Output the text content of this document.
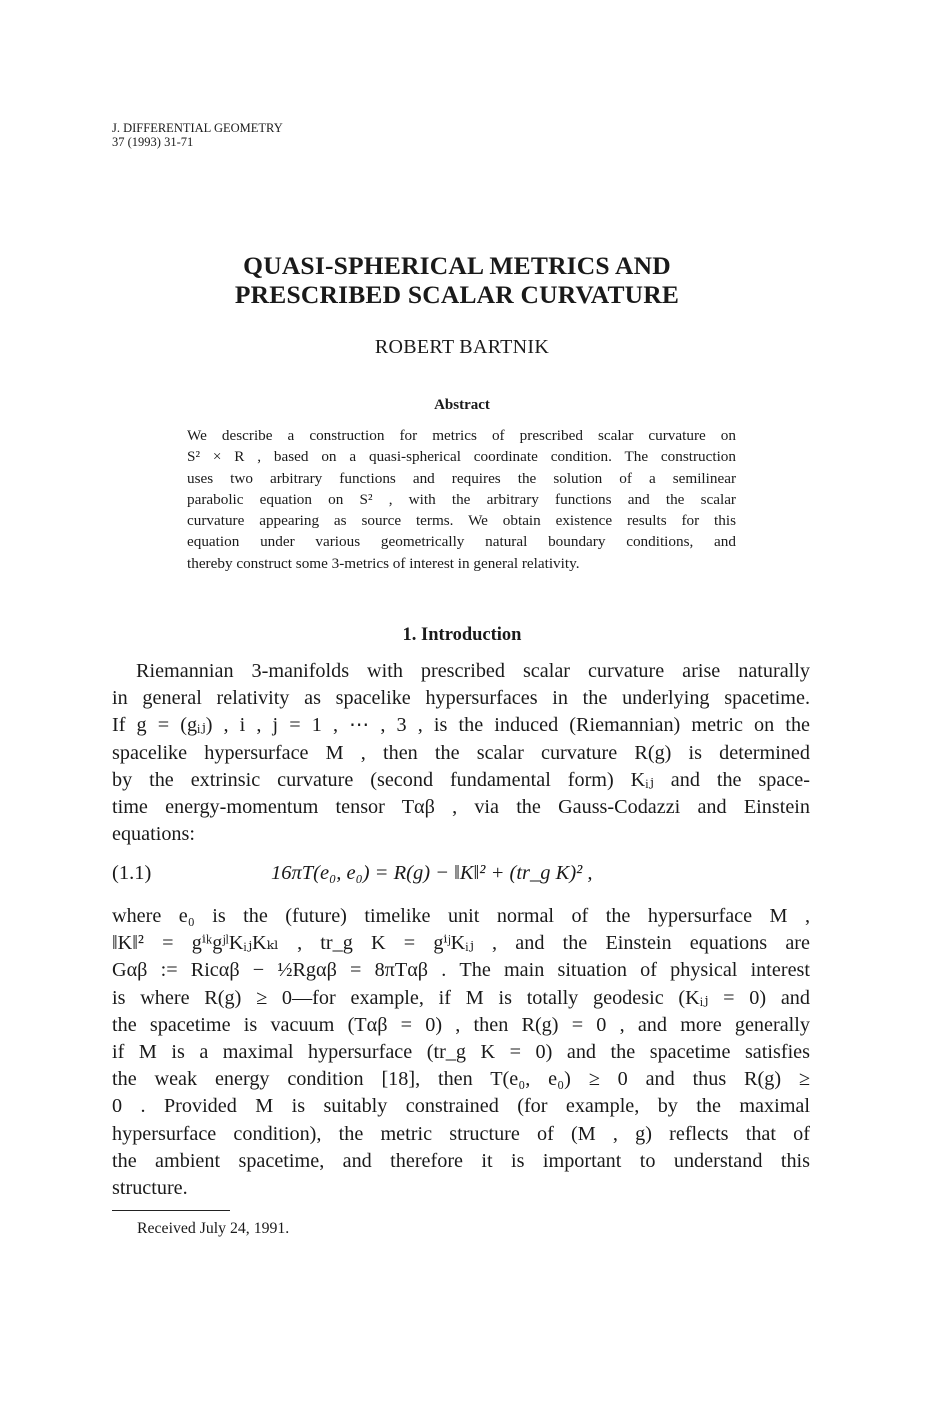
J. DIFFERENTIAL GEOMETRY
37 (1993) 31-71
QUASI-SPHERICAL METRICS AND
PRESCRIBED SCALAR CURVATURE
ROBERT BARTNIK
Abstract
We describe a construction for metrics of prescribed scalar curvature on
S² × R , based on a quasi-spherical coordinate condition. The construction
uses two arbitrary functions and requires the solution of a semilinear
parabolic equation on S² , with the arbitrary functions and the scalar
curvature appearing as source terms. We obtain existence results for this
equation under various geometrically natural boundary conditions, and
thereby construct some 3-metrics of interest in general relativity.
1. Introduction
Riemannian 3-manifolds with prescribed scalar curvature arise naturally
in general relativity as spacelike hypersurfaces in the underlying spacetime.
If g = (gᵢⱼ) , i , j = 1 , ⋯ , 3 , is the induced (Riemannian) metric on the
spacelike hypersurface M , then the scalar curvature R(g) is determined
by the extrinsic curvature (second fundamental form) Kᵢⱼ and the space-
time energy-momentum tensor Tαβ , via the Gauss-Codazzi and Einstein
equations:
(1.1)	16πT(e₀, e₀) = R(g) − ‖K‖² + (tr_g K)² ,
where e₀ is the (future) timelike unit normal of the hypersurface M ,
‖K‖² = gⁱᵏgʲˡKᵢⱼKₖₗ , tr_g K = gⁱʲKᵢⱼ , and the Einstein equations are
Gαβ := Ricαβ − ½Rgαβ = 8πTαβ . The main situation of physical interest
is where R(g) ≥ 0—for example, if M is totally geodesic (Kᵢⱼ = 0) and
the spacetime is vacuum (Tαβ = 0) , then R(g) = 0 , and more generally
if M is a maximal hypersurface (tr_g K = 0) and the spacetime satisfies
the weak energy condition [18], then T(e₀, e₀) ≥ 0 and thus R(g) ≥
0 . Provided M is suitably constrained (for example, by the maximal
hypersurface condition), the metric structure of (M , g) reflects that of
the ambient spacetime, and therefore it is important to understand this
structure.
Received July 24, 1991.
